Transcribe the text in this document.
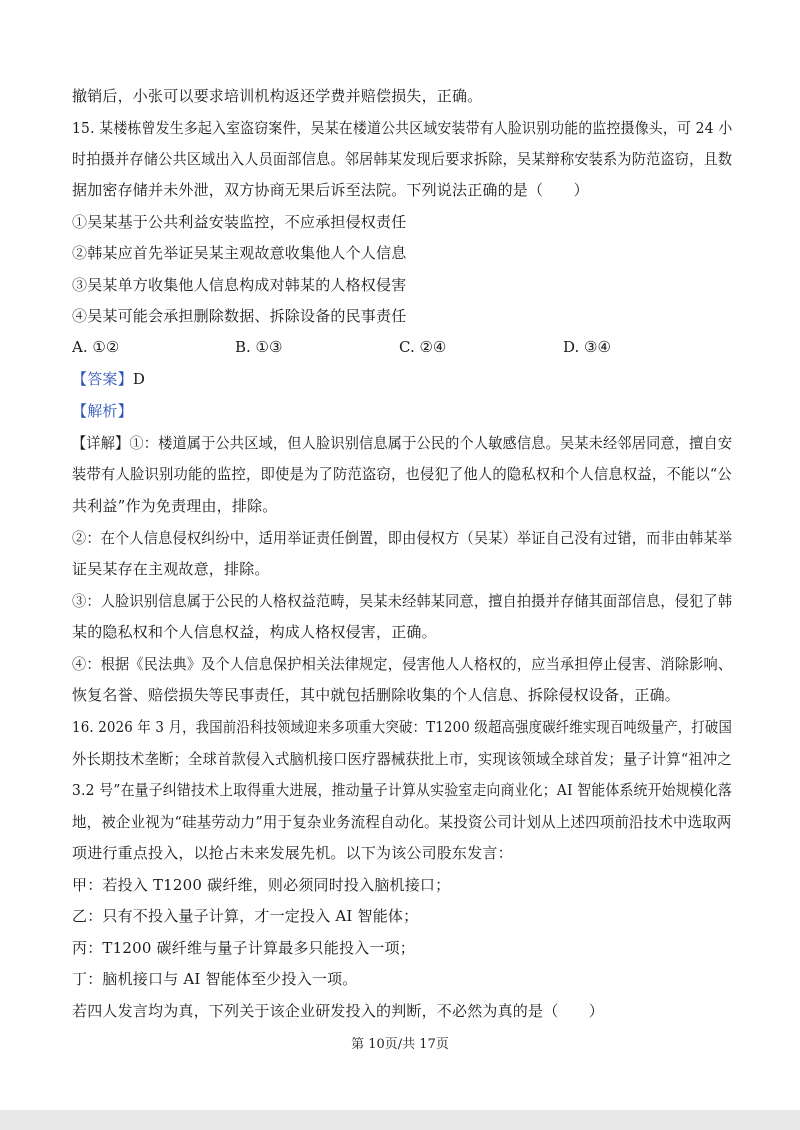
撤销后，小张可以要求培训机构返还学费并赔偿损失，正确。
15. 某楼栋曾发生多起入室盗窃案件，吴某在楼道公共区域安装带有人脸识别功能的监控摄像头，可 24 小
时拍摄并存储公共区域出入人员面部信息。邻居韩某发现后要求拆除，吴某辩称安装系为防范盗窃，且数
据加密存储并未外泄，双方协商无果后诉至法院。下列说法正确的是（　　）
①吴某基于公共利益安装监控，不应承担侵权责任
②韩某应首先举证吴某主观故意收集他人个人信息
③吴某单方收集他人信息构成对韩某的人格权侵害
④吴某可能会承担删除数据、拆除设备的民事责任
A. ①②	B. ①③	C. ②④	D. ③④
【答案】D
【解析】
【详解】①：楼道属于公共区域，但人脸识别信息属于公民的个人敏感信息。吴某未经邻居同意，擅自安
装带有人脸识别功能的监控，即使是为了防范盗窃，也侵犯了他人的隐私权和个人信息权益，不能以“公
共利益”作为免责理由，排除。
②：在个人信息侵权纠纷中，适用举证责任倒置，即由侵权方（吴某）举证自己没有过错，而非由韩某举
证吴某存在主观故意，排除。
③：人脸识别信息属于公民的人格权益范畴，吴某未经韩某同意，擅自拍摄并存储其面部信息，侵犯了韩
某的隐私权和个人信息权益，构成人格权侵害，正确。
④：根据《民法典》及个人信息保护相关法律规定，侵害他人人格权的，应当承担停止侵害、消除影响、
恢复名誉、赔偿损失等民事责任，其中就包括删除收集的个人信息、拆除侵权设备，正确。
16. 2026 年 3 月，我国前沿科技领域迎来多项重大突破：T1200 级超高强度碳纤维实现百吨级量产，打破国
外长期技术垄断；全球首款侵入式脑机接口医疗器械获批上市，实现该领域全球首发；量子计算“祖冲之
3.2 号”在量子纠错技术上取得重大进展，推动量子计算从实验室走向商业化；AI 智能体系统开始规模化落
地，被企业视为“硅基劳动力”用于复杂业务流程自动化。某投资公司计划从上述四项前沿技术中选取两
项进行重点投入，以抢占未来发展先机。以下为该公司股东发言：
甲：若投入 T1200 碳纤维，则必须同时投入脑机接口；
乙：只有不投入量子计算，才一定投入 AI 智能体；
丙：T1200 碳纤维与量子计算最多只能投入一项；
丁：脑机接口与 AI 智能体至少投入一项。
若四人发言均为真，下列关于该企业研发投入的判断，不必然为真的是（　　）
第 10页/共 17页
